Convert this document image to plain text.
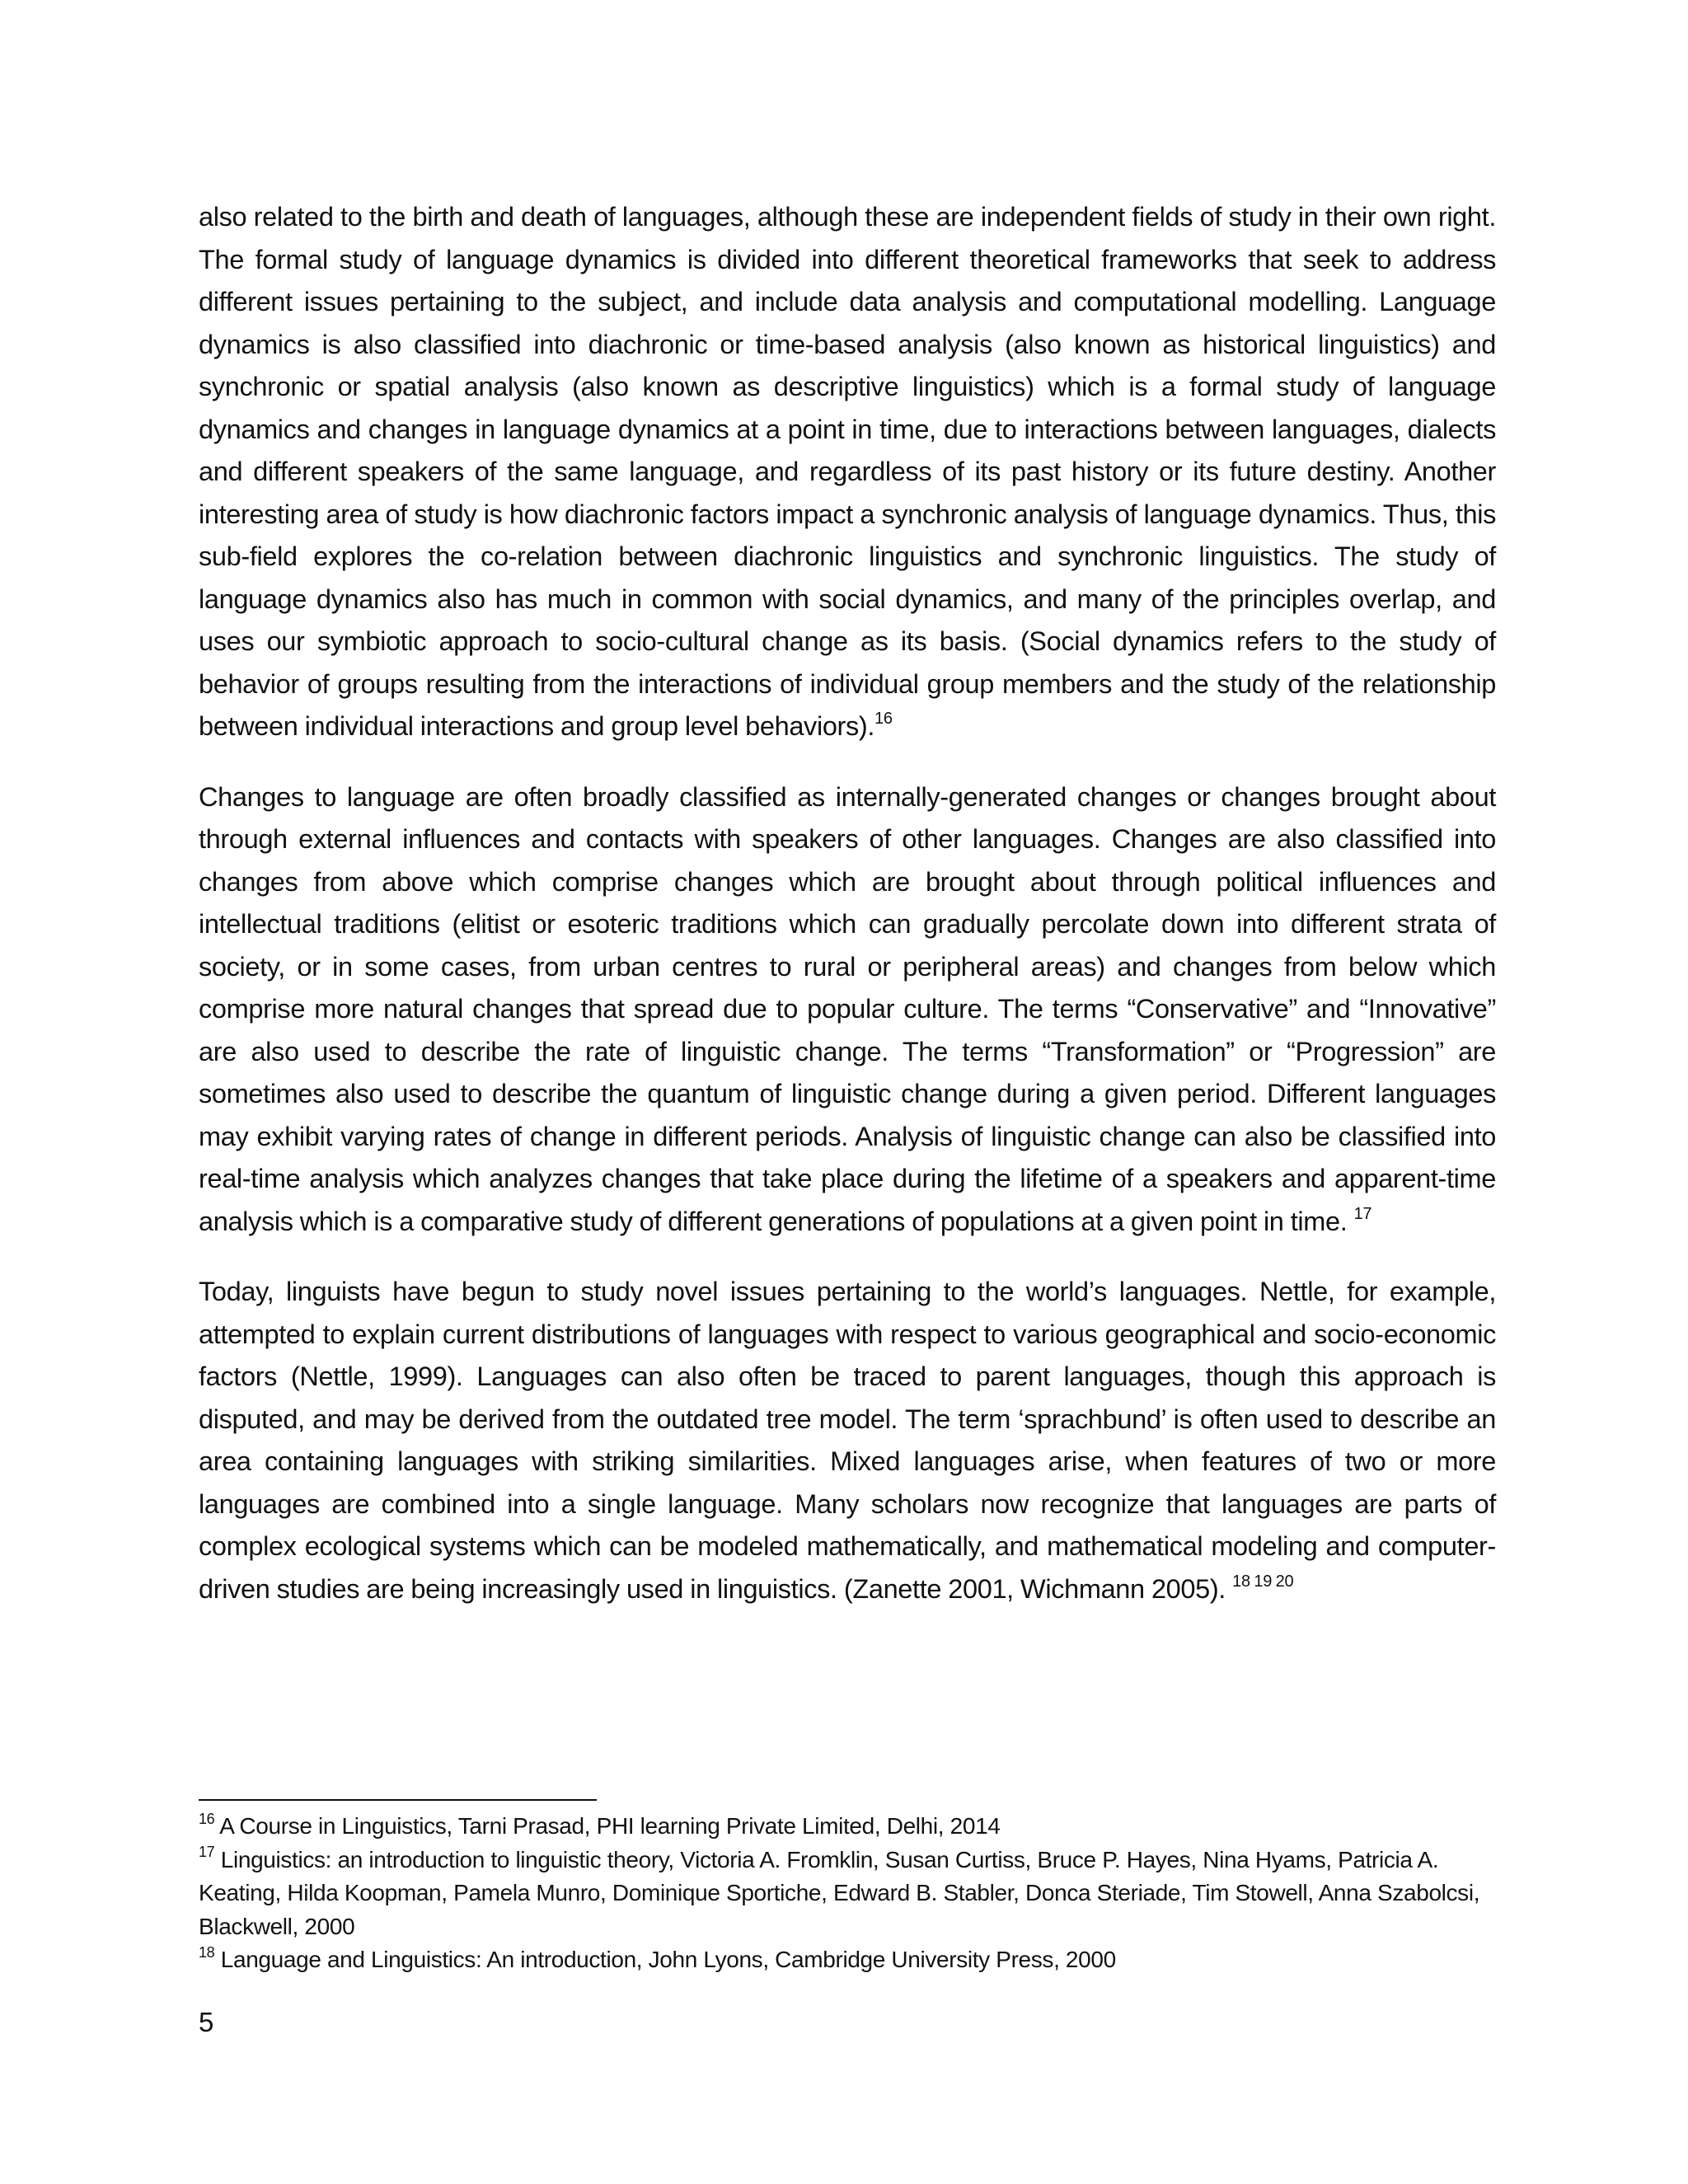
also related to the birth and death of languages, although these are independent fields of study in their own right. The formal study of language dynamics is divided into different theoretical frameworks that seek to address different issues pertaining to the subject, and include data analysis and computational modelling. Language dynamics is also classified into diachronic or time-based analysis (also known as historical linguistics) and synchronic or spatial analysis (also known as descriptive linguistics) which is a formal study of language dynamics and changes in language dynamics at a point in time, due to interactions between languages, dialects and different speakers of the same language, and regardless of its past history or its future destiny. Another interesting area of study is how diachronic factors impact a synchronic analysis of language dynamics. Thus, this sub-field explores the co-relation between diachronic linguistics and synchronic linguistics. The study of language dynamics also has much in common with social dynamics, and many of the principles overlap, and uses our symbiotic approach to socio-cultural change as its basis. (Social dynamics refers to the study of behavior of groups resulting from the interactions of individual group members and the study of the relationship between individual interactions and group level behaviors).$^{16}$

Changes to language are often broadly classified as internally-generated changes or changes brought about through external influences and contacts with speakers of other languages. Changes are also classified into changes from above which comprise changes which are brought about through political influences and intellectual traditions (elitist or esoteric traditions which can gradually percolate down into different strata of society, or in some cases, from urban centres to rural or peripheral areas) and changes from below which comprise more natural changes that spread due to popular culture. The terms “Conservative” and “Innovative” are also used to describe the rate of linguistic change. The terms “Transformation” or “Progression” are sometimes also used to describe the quantum of linguistic change during a given period. Different languages may exhibit varying rates of change in different periods. Analysis of linguistic change can also be classified into real-time analysis which analyzes changes that take place during the lifetime of a speakers and apparent-time analysis which is a comparative study of different generations of populations at a given point in time. $^{17}$

Today, linguists have begun to study novel issues pertaining to the world’s languages. Nettle, for example, attempted to explain current distributions of languages with respect to various geographical and socio-economic factors (Nettle, 1999). Languages can also often be traced to parent languages, though this approach is disputed, and may be derived from the outdated tree model. The term ‘sprachbund’ is often used to describe an area containing languages with striking similarities. Mixed languages arise, when features of two or more languages are combined into a single language. Many scholars now recognize that languages are parts of complex ecological systems which can be modeled mathematically, and mathematical modeling and computer-driven studies are being increasingly used in linguistics. (Zanette 2001, Wichmann 2005). $^{18 19 20}$

$^{16}$ A Course in Linguistics, Tarni Prasad, PHI learning Private Limited, Delhi, 2014

$^{17}$ Linguistics: an introduction to linguistic theory, Victoria A. Fromklin, Susan Curtiss, Bruce P. Hayes, Nina Hyams, Patricia A. Keating, Hilda Koopman, Pamela Munro, Dominique Sportiche, Edward B. Stabler, Donca Steriade, Tim Stowell, Anna Szabolcsi, Blackwell, 2000

$^{18}$ Language and Linguistics: An introduction, John Lyons, Cambridge University Press, 2000

5
